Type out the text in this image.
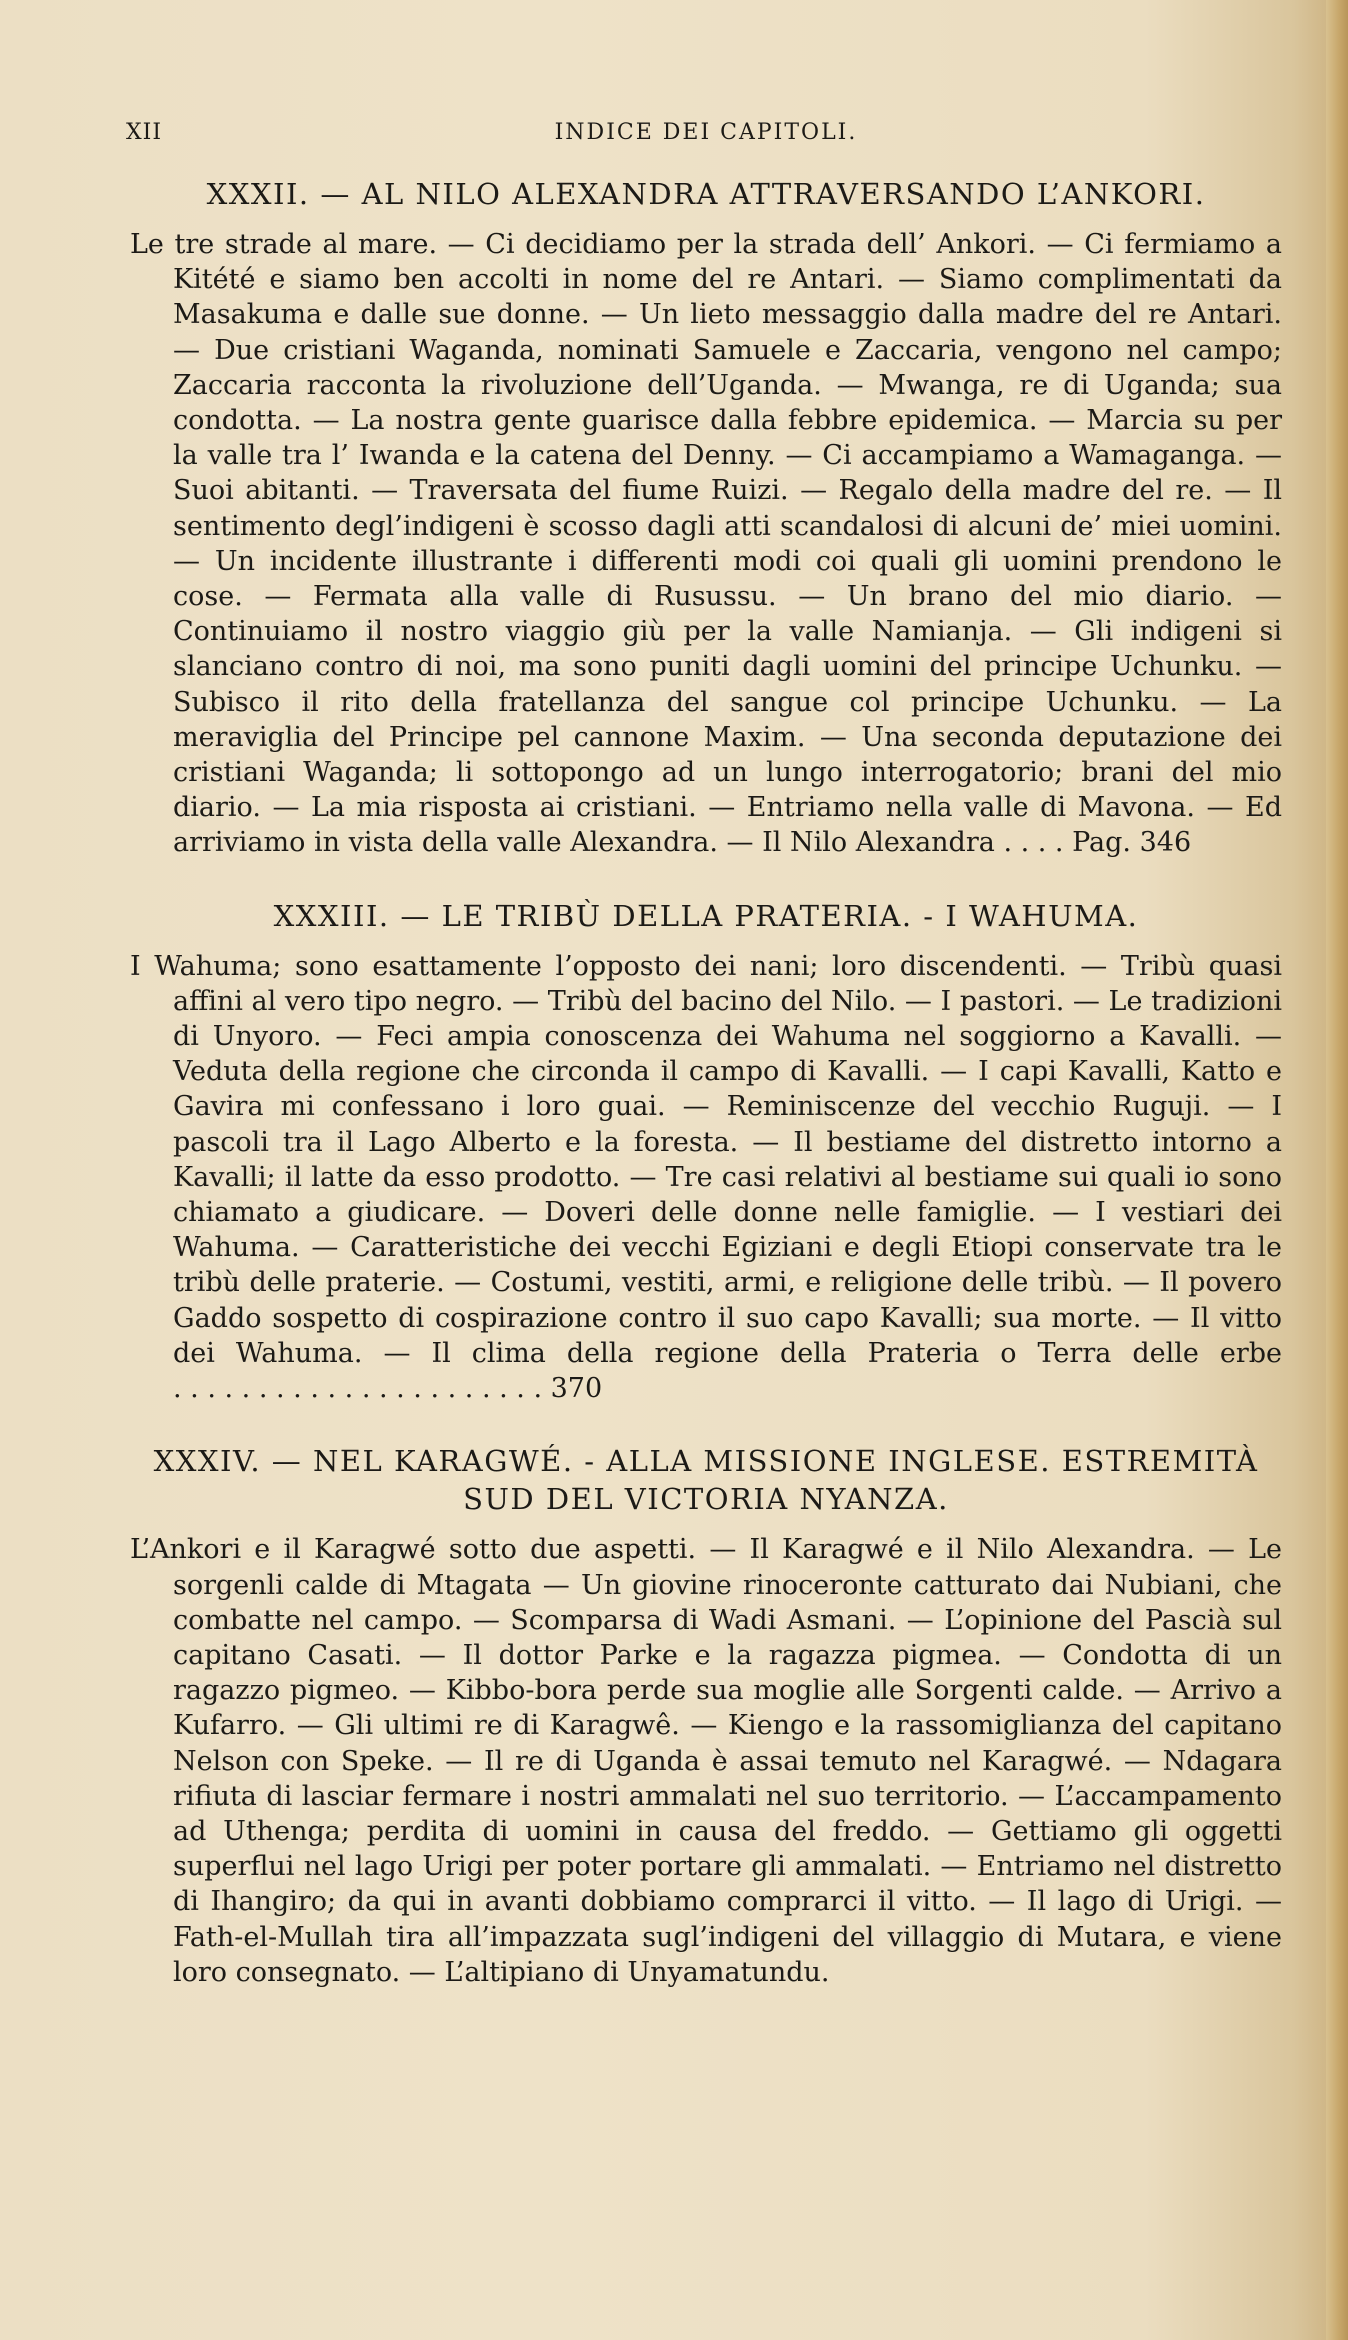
XII	INDICE DEI CAPITOLI.
XXXII. — AL NILO ALEXANDRA ATTRAVERSANDO L’ANKORI.

Le tre strade al mare. — Ci decidiamo per la strada dell’ Ankori. — Ci fermiamo a Kitété e siamo ben accolti in nome del re Antari. — Siamo complimentati da Masakuma e dalle sue donne. — Un lieto messaggio dalla madre del re Antari. — Due cristiani Waganda, nominati Samuele e Zaccaria, vengono nel campo; Zaccaria racconta la rivoluzione dell’Uganda. — Mwanga, re di Uganda; sua condotta. — La nostra gente guarisce dalla febbre epidemica. — Marcia su per la valle tra l’ Iwanda e la catena del Denny. — Ci accampiamo a Wamaganga. — Suoi abitanti. — Traversata del fiume Ruizi. — Regalo della madre del re. — Il sentimento degl’indigeni è scosso dagli atti scandalosi di alcuni de’ miei uomini. — Un incidente illustrante i differenti modi coi quali gli uomini prendono le cose. — Fermata alla valle di Rusussu. — Un brano del mio diario. — Continuiamo il nostro viaggio giù per la valle Namianja. — Gli indigeni si slanciano contro di noi, ma sono puniti dagli uomini del principe Uchunku. — Subisco il rito della fratellanza del sangue col principe Uchunku. — La meraviglia del Principe pel cannone Maxim. — Una seconda deputazione dei cristiani Waganda; li sottopongo ad un lungo interrogatorio; brani del mio diario. — La mia risposta ai cristiani. — Entriamo nella valle di Mavona. — Ed arriviamo in vista della valle Alexandra. — Il Nilo Alexandra . . . . Pag. 346

XXXIII. — LE TRIBÙ DELLA PRATERIA. - I WAHUMA.

I Wahuma; sono esattamente l’opposto dei nani; loro discendenti. — Tribù quasi affini al vero tipo negro. — Tribù del bacino del Nilo. — I pastori. — Le tradizioni di Unyoro. — Feci ampia conoscenza dei Wahuma nel soggiorno a Kavalli. — Veduta della regione che circonda il campo di Kavalli. — I capi Kavalli, Katto e Gavira mi confessano i loro guai. — Reminiscenze del vecchio Ruguji. — I pascoli tra il Lago Alberto e la foresta. — Il bestiame del distretto intorno a Kavalli; il latte da esso prodotto. — Tre casi relativi al bestiame sui quali io sono chiamato a giudicare. — Doveri delle donne nelle famiglie. — I vestiari dei Wahuma. — Caratteristiche dei vecchi Egiziani e degli Etiopi conservate tra le tribù delle praterie. — Costumi, vestiti, armi, e religione delle tribù. — Il povero Gaddo sospetto di cospirazione contro il suo capo Kavalli; sua morte. — Il vitto dei Wahuma. — Il clima della regione della Prateria o Terra delle erbe . . . . . . . . . . . . . . . . . . . . . . 370

XXXIV. — NEL KARAGWÉ. - ALLA MISSIONE INGLESE. ESTREMITÀ SUD DEL VICTORIA NYANZA.

L’Ankori e il Karagwé sotto due aspetti. — Il Karagwé e il Nilo Alexandra. — Le sorgenli calde di Mtagata — Un giovine rinoceronte catturato dai Nubiani, che combatte nel campo. — Scomparsa di Wadi Asmani. — L’opinione del Pascià sul capitano Casati. — Il dottor Parke e la ragazza pigmea. — Condotta di un ragazzo pigmeo. — Kibbo-bora perde sua moglie alle Sorgenti calde. — Arrivo a Kufarro. — Gli ultimi re di Karagwê. — Kiengo e la rassomiglianza del capitano Nelson con Speke. — Il re di Uganda è assai temuto nel Karagwé. — Ndagara rifiuta di lasciar fermare i nostri ammalati nel suo territorio. — L’accampamento ad Uthenga; perdita di uomini in causa del freddo. — Gettiamo gli oggetti superflui nel lago Urigi per poter portare gli ammalati. — Entriamo nel distretto di Ihangiro; da qui in avanti dobbiamo comprarci il vitto. — Il lago di Urigi. — Fath-el-Mullah tira all’impazzata sugl’indigeni del villaggio di Mutara, e viene loro consegnato. — L’altipiano di Unyamatundu.
